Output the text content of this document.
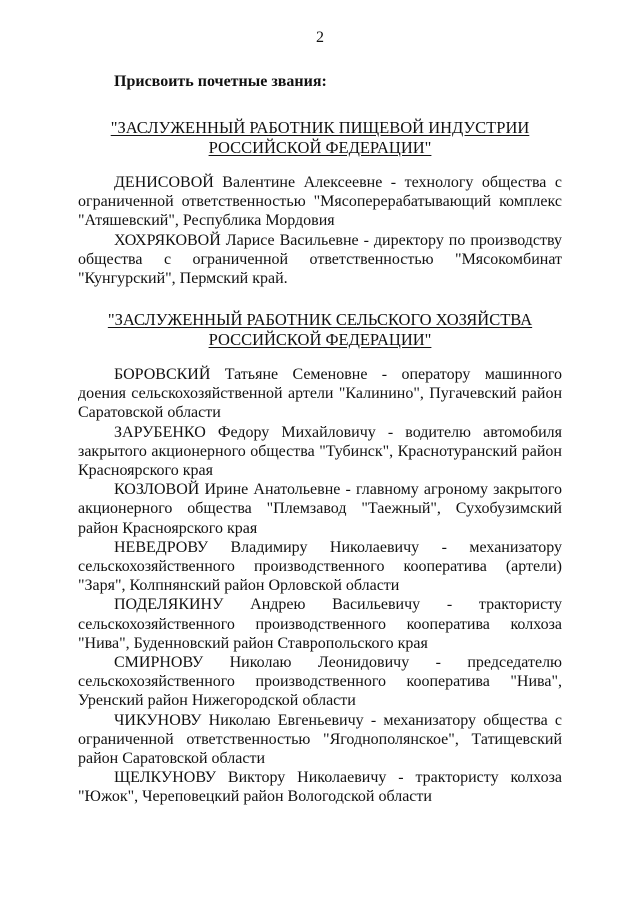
2
Присвоить почетные звания:
"ЗАСЛУЖЕННЫЙ РАБОТНИК ПИЩЕВОЙ ИНДУСТРИИ
РОССИЙСКОЙ ФЕДЕРАЦИИ"

ДЕНИСОВОЙ Валентине Алексеевне - технологу общества с ограниченной ответственностью "Мясоперерабатывающий комплекс "Атяшевский", Республика Мордовия

ХОХРЯКОВОЙ Ларисе Васильевне - директору по производству общества с ограниченной ответственностью "Мясокомбинат "Кунгурский", Пермский край.

"ЗАСЛУЖЕННЫЙ РАБОТНИК СЕЛЬСКОГО ХОЗЯЙСТВА
РОССИЙСКОЙ ФЕДЕРАЦИИ"

БОРОВСКИЙ Татьяне Семеновне - оператору машинного доения сельскохозяйственной артели "Калинино", Пугачевский район Саратовской области

ЗАРУБЕНКО Федору Михайловичу - водителю автомобиля закрытого акционерного общества "Тубинск", Краснотуранский район Красноярского края

КОЗЛОВОЙ Ирине Анатольевне - главному агроному закрытого акционерного общества "Племзавод "Таежный", Сухобузимский район Красноярского края

НЕВЕДРОВУ Владимиру Николаевичу - механизатору сельскохозяйственного производственного кооператива (артели) "Заря", Колпнянский район Орловской области

ПОДЕЛЯКИНУ Андрею Васильевичу - трактористу сельскохозяйственного производственного кооператива колхоза "Нива", Буденновский район Ставропольского края

СМИРНОВУ Николаю Леонидовичу - председателю сельскохозяйственного производственного кооператива "Нива", Уренский район Нижегородской области

ЧИКУНОВУ Николаю Евгеньевичу - механизатору общества с ограниченной ответственностью "Ягоднополянское", Татищевский район Саратовской области

ЩЕЛКУНОВУ Виктору Николаевичу - трактористу колхоза "Южок", Череповецкий район Вологодской области
